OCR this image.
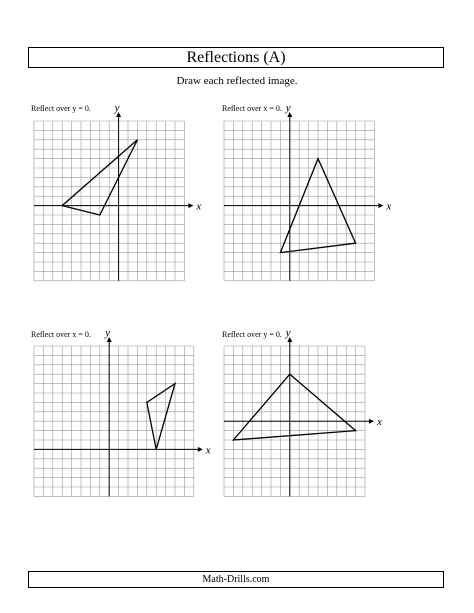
Reflections (A)
Draw each reflected image.
Reflect over y = 0.
x
y	Reflect over x = 0.
x
y
Reflect over x = 0.
x
y	Reflect over y = 0.
x
y
Math-Drills.com
